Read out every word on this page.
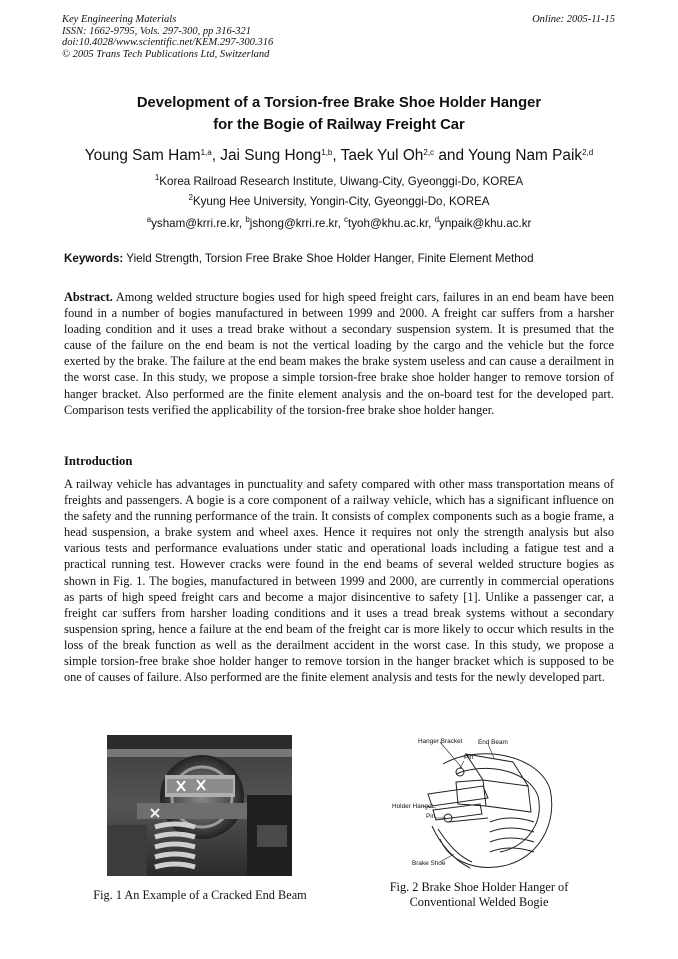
Key Engineering Materials
ISSN: 1662-9795, Vols. 297-300, pp 316-321
doi:10.4028/www.scientific.net/KEM.297-300.316
© 2005 Trans Tech Publications Ltd, Switzerland
Online: 2005-11-15
Development of a Torsion-free Brake Shoe Holder Hanger
for the Bogie of Railway Freight Car
Young Sam Ham$^{1,a}$, Jai Sung Hong$^{1,b}$, Taek Yul Oh$^{2,c}$ and Young Nam Paik$^{2,d}$
$^1$Korea Railroad Research Institute, Uiwang-City, Gyeonggi-Do, KOREA
$^2$Kyung Hee University, Yongin-City, Gyeonggi-Do, KOREA
$^a$ysham@krri.re.kr, $^b$jshong@krri.re.kr, $^c$tyoh@khu.ac.kr, $^d$ynpaik@khu.ac.kr
Keywords: Yield Strength, Torsion Free Brake Shoe Holder Hanger, Finite Element Method
Abstract. Among welded structure bogies used for high speed freight cars, failures in an end beam have been found in a number of bogies manufactured in between 1999 and 2000. A freight car suffers from a harsher loading condition and it uses a tread brake without a secondary suspension system. It is presumed that the cause of the failure on the end beam is not the vertical loading by the cargo and the vehicle but the force exerted by the brake. The failure at the end beam makes the brake system useless and can cause a derailment in the worst case. In this study, we propose a simple torsion-free brake shoe holder hanger to remove torsion of hanger bracket. Also performed are the finite element analysis and the on-board test for the developed part. Comparison tests verified the applicability of the torsion-free brake shoe holder hanger.
Introduction
A railway vehicle has advantages in punctuality and safety compared with other mass transportation means of freights and passengers. A bogie is a core component of a railway vehicle, which has a significant influence on the safety and the running performance of the train. It consists of complex components such as a bogie frame, a head suspension, a brake system and wheel axes. Hence it requires not only the strength analysis but also various tests and performance evaluations under static and operational loads including a fatigue test and a practical running test. However cracks were found in the end beams of several welded structure bogies as shown in Fig. 1. The bogies, manufactured in between 1999 and 2000, are currently in commercial operations as parts of high speed freight cars and become a major disincentive to safety [1]. Unlike a passenger car, a freight car suffers from harsher loading conditions and it uses a tread break systems without a secondary suspension spring, hence a failure at the end beam of the freight car is more likely to occur which results in the loss of the break function as well as the derailment accident in the worst case. In this study, we propose a simple torsion-free brake shoe holder hanger to remove torsion in the hanger bracket which is supposed to be one of causes of failure. Also performed are the finite element analysis and tests for the newly developed part.
Fig. 1 An Example of a Cracked End Beam
Hanger Bracket End Beam
Pin
Holder Hanger
Pin
Brake Shoe
Fig. 2 Brake Shoe Holder Hanger of
Conventional Welded Bogie
